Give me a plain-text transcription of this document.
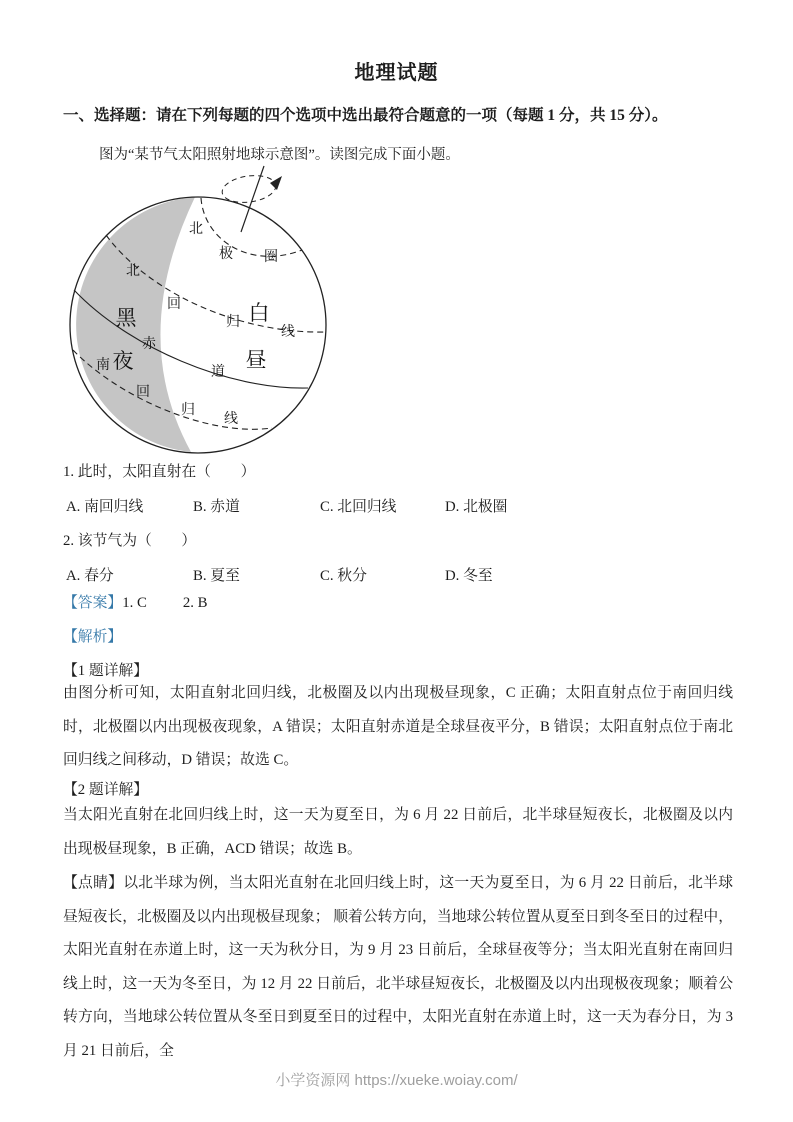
地理试题
一、选择题：请在下列每题的四个选项中选出最符合题意的一项（每题 1 分，共 15 分）。
图为“某节气太阳照射地球示意图”。读图完成下面小题。
北
极 圈
北
回
归
线
赤
道
南
回
归
线
黑
夜
白
昼
1. 此时，太阳直射在（　　）
A. 南回归线	B. 赤道	C. 北回归线	D. 北极圈
2. 该节气为（　　）
A. 春分	B. 夏至	C. 秋分	D. 冬至
【答案】1. C 2. B
【解析】
【1 题详解】
由图分析可知，太阳直射北回归线，北极圈及以内出现极昼现象，C 正确；太阳直射点位于南回归线时，北极圈以内出现极夜现象，A 错误；太阳直射赤道是全球昼夜平分，B 错误；太阳直射点位于南北回归线之间移动，D 错误；故选 C。
【2 题详解】
当太阳光直射在北回归线上时，这一天为夏至日，为 6 月 22 日前后，北半球昼短夜长，北极圈及以内出现极昼现象，B 正确，ACD 错误；故选 B。
【点睛】以北半球为例，当太阳光直射在北回归线上时，这一天为夏至日，为 6 月 22 日前后，北半球昼短夜长，北极圈及以内出现极昼现象； 顺着公转方向，当地球公转位置从夏至日到冬至日的过程中，太阳光直射在赤道上时，这一天为秋分日，为 9 月 23 日前后，全球昼夜等分；当太阳光直射在南回归线上时，这一天为冬至日，为 12 月 22 日前后，北半球昼短夜长，北极圈及以内出现极夜现象；顺着公转方向，当地球公转位置从冬至日到夏至日的过程中，太阳光直射在赤道上时，这一天为春分日，为 3 月 21 日前后，全
小学资源网 https://xueke.woiay.com/
